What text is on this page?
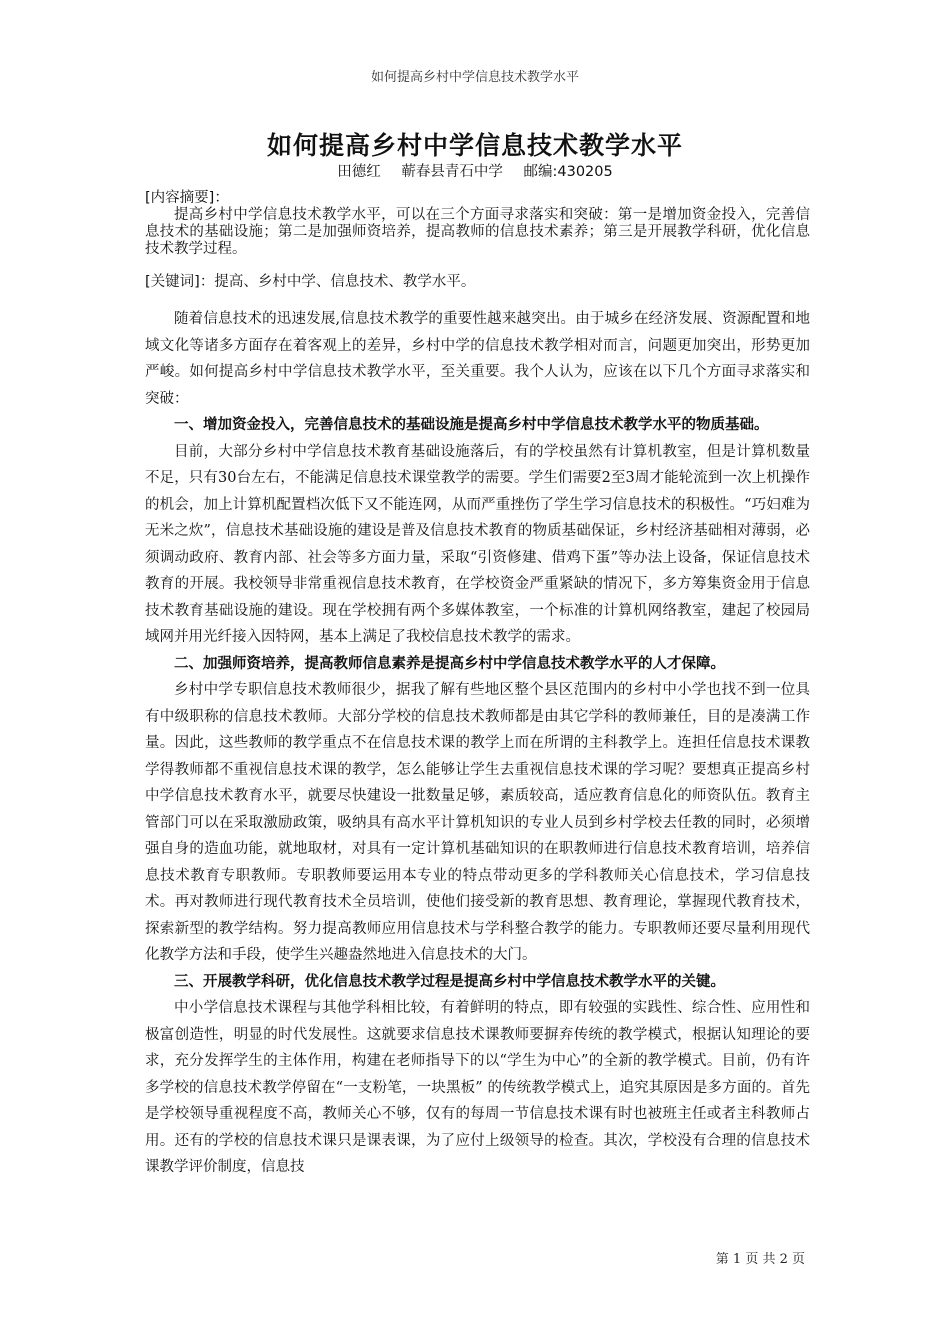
如何提高乡村中学信息技术教学水平
如何提高乡村中学信息技术教学水平
田德红 蕲春县青石中学 邮编:430205
[内容摘要]：

提高乡村中学信息技术教学水平，可以在三个方面寻求落实和突破：第一是增加资金投入，完善信息技术的基础设施；第二是加强师资培养，提高教师的信息技术素养；第三是开展教学科研，优化信息技术教学过程。

[关键词]：提高、乡村中学、信息技术、教学水平。

随着信息技术的迅速发展,信息技术教学的重要性越来越突出。由于城乡在经济发展、资源配置和地域文化等诸多方面存在着客观上的差异，乡村中学的信息技术教学相对而言，问题更加突出，形势更加严峻。如何提高乡村中学信息技术教学水平，至关重要。我个人认为，应该在以下几个方面寻求落实和突破：

一、增加资金投入，完善信息技术的基础设施是提高乡村中学信息技术教学水平的物质基础。

目前，大部分乡村中学信息技术教育基础设施落后，有的学校虽然有计算机教室，但是计算机数量不足，只有30台左右，不能满足信息技术课堂教学的需要。学生们需要2至3周才能轮流到一次上机操作的机会，加上计算机配置档次低下又不能连网，从而严重挫伤了学生学习信息技术的积极性。“巧妇难为无米之炊”，信息技术基础设施的建设是普及信息技术教育的物质基础保证，乡村经济基础相对薄弱，必须调动政府、教育内部、社会等多方面力量，采取“引资修建、借鸡下蛋”等办法上设备，保证信息技术教育的开展。我校领导非常重视信息技术教育，在学校资金严重紧缺的情况下，多方筹集资金用于信息技术教育基础设施的建设。现在学校拥有两个多媒体教室，一个标准的计算机网络教室，建起了校园局域网并用光纤接入因特网，基本上满足了我校信息技术教学的需求。

二、加强师资培养，提高教师信息素养是提高乡村中学信息技术教学水平的人才保障。

乡村中学专职信息技术教师很少，据我了解有些地区整个县区范围内的乡村中小学也找不到一位具有中级职称的信息技术教师。大部分学校的信息技术教师都是由其它学科的教师兼任，目的是凑满工作量。因此，这些教师的教学重点不在信息技术课的教学上而在所谓的主科教学上。连担任信息技术课教学得教师都不重视信息技术课的教学，怎么能够让学生去重视信息技术课的学习呢？要想真正提高乡村中学信息技术教育水平，就要尽快建设一批数量足够，素质较高，适应教育信息化的师资队伍。教育主管部门可以在采取激励政策，吸纳具有高水平计算机知识的专业人员到乡村学校去任教的同时，必须增强自身的造血功能，就地取材，对具有一定计算机基础知识的在职教师进行信息技术教育培训，培养信息技术教育专职教师。专职教师要运用本专业的特点带动更多的学科教师关心信息技术，学习信息技术。再对教师进行现代教育技术全员培训，使他们接受新的教育思想、教育理论，掌握现代教育技术，探索新型的教学结构。努力提高教师应用信息技术与学科整合教学的能力。专职教师还要尽量利用现代化教学方法和手段，使学生兴趣盎然地进入信息技术的大门。

三、开展教学科研，优化信息技术教学过程是提高乡村中学信息技术教学水平的关键。

中小学信息技术课程与其他学科相比较，有着鲜明的特点，即有较强的实践性、综合性、应用性和极富创造性，明显的时代发展性。这就要求信息技术课教师要摒弃传统的教学模式，根据认知理论的要求，充分发挥学生的主体作用，构建在老师指导下的以“学生为中心”的全新的教学模式。目前，仍有许多学校的信息技术教学停留在“一支粉笔，一块黑板” 的传统教学模式上，追究其原因是多方面的。首先是学校领导重视程度不高，教师关心不够，仅有的每周一节信息技术课有时也被班主任或者主科教师占用。还有的学校的信息技术课只是课表课，为了应付上级领导的检查。其次，学校没有合理的信息技术课教学评价制度，信息技

第 1 页 共 2 页
